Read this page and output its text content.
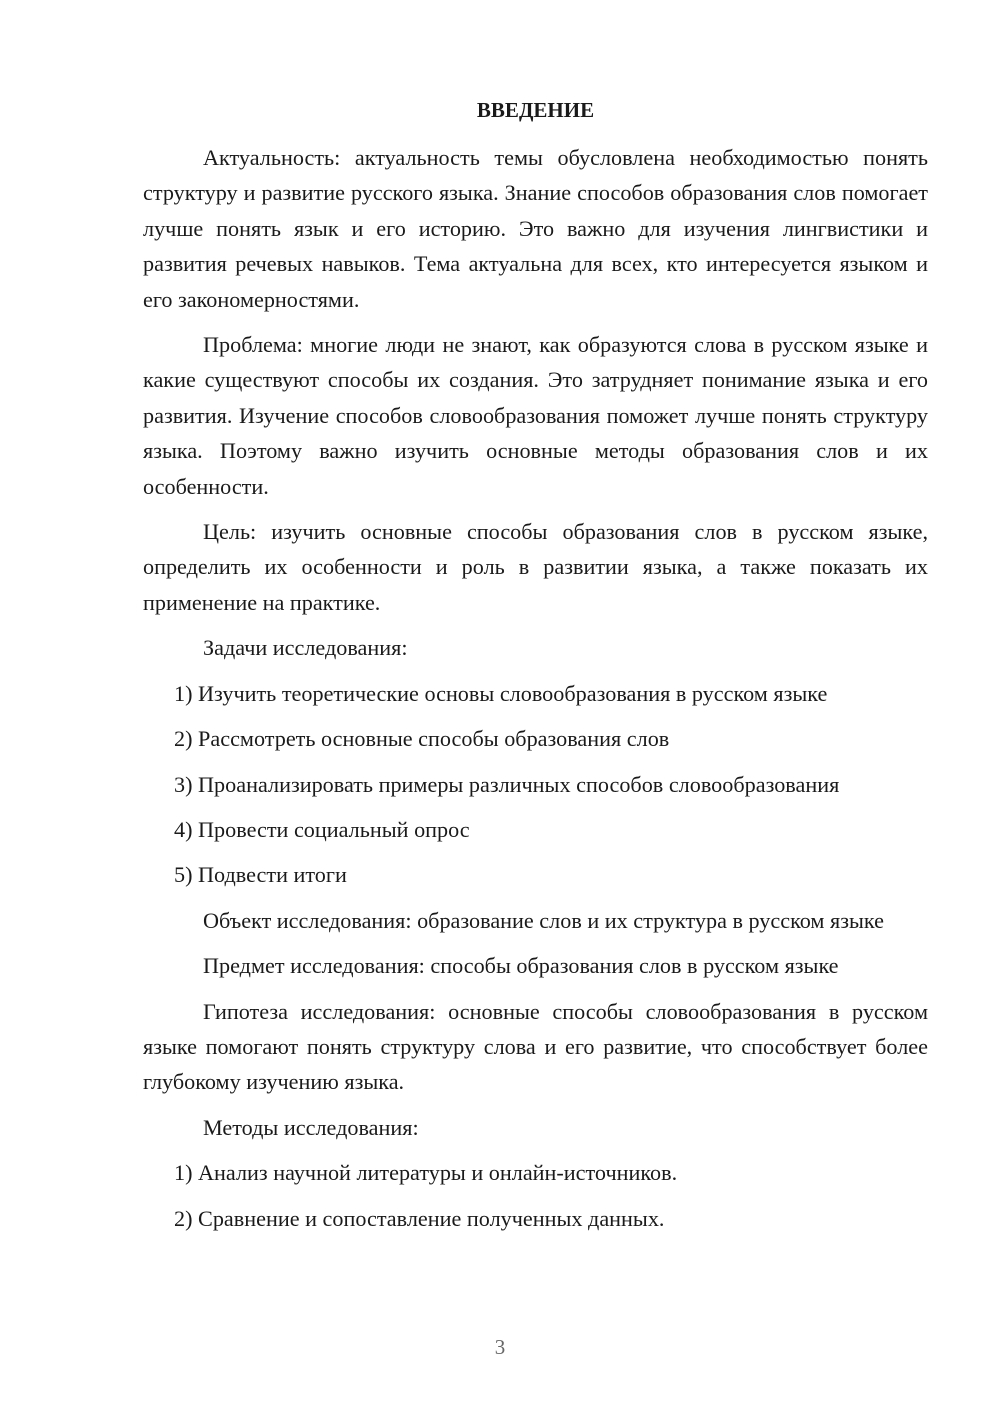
ВВЕДЕНИЕ
Актуальность: актуальность темы обусловлена необходимостью понять структуру и развитие русского языка. Знание способов образования слов помогает лучше понять язык и его историю. Это важно для изучения лингвистики и развития речевых навыков. Тема актуальна для всех, кто интересуется языком и его закономерностями.
Проблема: многие люди не знают, как образуются слова в русском языке и какие существуют способы их создания. Это затрудняет понимание языка и его развития. Изучение способов словообразования поможет лучше понять структуру языка. Поэтому важно изучить основные методы образования слов и их особенности.
Цель: изучить основные способы образования слов в русском языке, определить их особенности и роль в развитии языка, а также показать их применение на практике.
Задачи исследования:
1) Изучить теоретические основы словообразования в русском языке
2) Рассмотреть основные способы образования слов
3) Проанализировать примеры различных способов словообразования
4) Провести социальный опрос
5) Подвести итоги
Объект исследования: образование слов и их структура в русском языке
Предмет исследования: способы образования слов в русском языке
Гипотеза исследования: основные способы словообразования в русском языке помогают понять структуру слова и его развитие, что способствует более глубокому изучению языка.
Методы исследования:
1) Анализ научной литературы и онлайн-источников.
2) Сравнение и сопоставление полученных данных.
3
